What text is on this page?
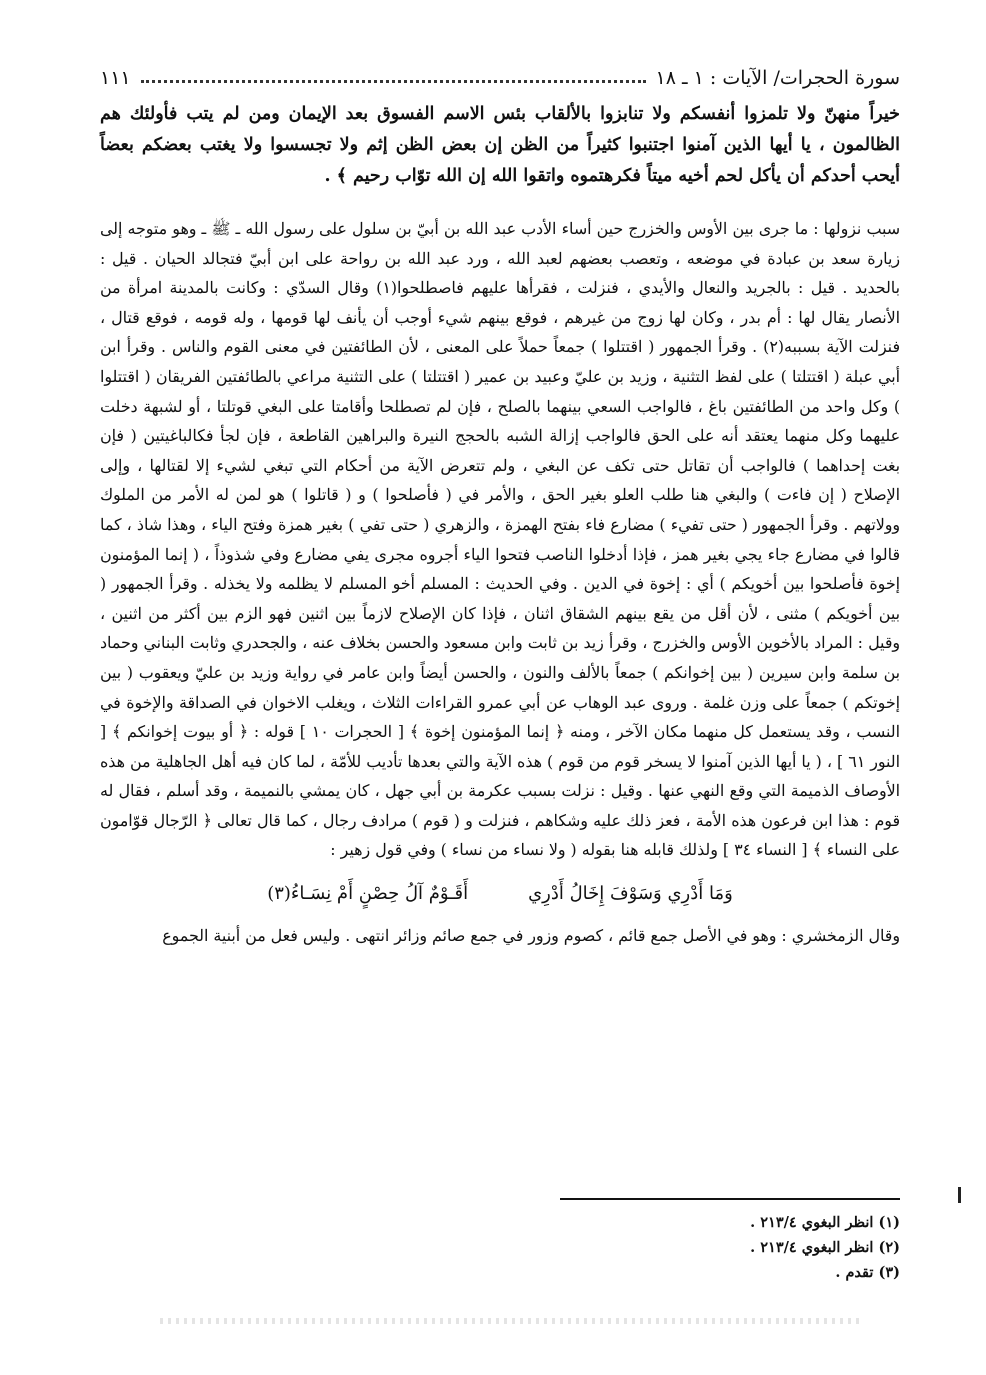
سورة الحجرات/ الآيات : ١ ـ ١٨
١١١
خيراً منهنّ ولا تلمزوا أنفسكم ولا تنابزوا بالألقاب بئس الاسم الفسوق بعد الإيمان ومن لم يتب فأولئك هم الظالمون ، يا أيها الذين آمنوا اجتنبوا كثيراً من الظن إن بعض الظن إثم ولا تجسسوا ولا يغتب بعضكم بعضاً أيحب أحدكم أن يأكل لحم أخيه ميتاً فكرهتموه واتقوا الله إن الله توّاب رحيم ﴾ .
سبب نزولها : ما جرى بين الأوس والخزرج حين أساء الأدب عبد الله بن أبيّ بن سلول على رسول الله ـ ﷺ ـ وهو متوجه إلى زيارة سعد بن عبادة في موضعه ، وتعصب بعضهم لعبد الله ، ورد عبد الله بن رواحة على ابن أبيّ فتجالد الحيان . قيل : بالحديد . قيل : بالجريد والنعال والأيدي ، فنزلت ، فقرأها عليهم فاصطلحوا(١) وقال السدّي : وكانت بالمدينة امرأة من الأنصار يقال لها : أم بدر ، وكان لها زوج من غيرهم ، فوقع بينهم شيء أوجب أن يأنف لها قومها ، وله قومه ، فوقع قتال ، فنزلت الآية بسببه(٢) . وقرأ الجمهور ( اقتتلوا ) جمعاً حملاً على المعنى ، لأن الطائفتين في معنى القوم والناس . وقرأ ابن أبي عبلة ( اقتتلتا ) على لفظ التثنية ، وزيد بن عليّ وعبيد بن عمير ( اقتتلتا ) على التثنية مراعي بالطائفتين الفريقان ( اقتتلوا ) وكل واحد من الطائفتين باغ ، فالواجب السعي بينهما بالصلح ، فإن لم تصطلحا وأقامتا على البغي قوتلتا ، أو لشبهة دخلت عليهما وكل منهما يعتقد أنه على الحق فالواجب إزالة الشبه بالحجج النيرة والبراهين القاطعة ، فإن لجأ فكالباغيتين ( فإن بغت إحداهما ) فالواجب أن تقاتل حتى تكف عن البغي ، ولم تتعرض الآية من أحكام التي تبغي لشيء إلا لقتالها ، وإلى الإصلاح ( إن فاءت ) والبغي هنا طلب العلو بغير الحق ، والأمر في ( فأصلحوا ) و ( قاتلوا ) هو لمن له الأمر من الملوك وولاتهم . وقرأ الجمهور ( حتى تفيء ) مضارع فاء بفتح الهمزة ، والزهري ( حتى تفي ) بغير همزة وفتح الياء ، وهذا شاذ ، كما قالوا في مضارع جاء يجي بغير همز ، فإذا أدخلوا الناصب فتحوا الياء أجروه مجرى يفي مضارع وفي شذوذاً ، ( إنما المؤمنون إخوة فأصلحوا بين أخويكم ) أي : إخوة في الدين . وفي الحديث : المسلم أخو المسلم لا يظلمه ولا يخذله . وقرأ الجمهور ( بين أخويكم ) مثنى ، لأن أقل من يقع بينهم الشقاق اثنان ، فإذا كان الإصلاح لازماً بين اثنين فهو الزم بين أكثر من اثنين ، وقيل : المراد بالأخوين الأوس والخزرج ، وقرأ زيد بن ثابت وابن مسعود والحسن بخلاف عنه ، والجحدري وثابت البناني وحماد بن سلمة وابن سيرين ( بين إخوانكم ) جمعاً بالألف والنون ، والحسن أيضاً وابن عامر في رواية وزيد بن عليّ ويعقوب ( بين إخوتكم ) جمعاً على وزن غلمة . وروى عبد الوهاب عن أبي عمرو القراءات الثلاث ، ويغلب الاخوان في الصداقة والإخوة في النسب ، وقد يستعمل كل منهما مكان الآخر ، ومنه ﴿ إنما المؤمنون إخوة ﴾ [ الحجرات ١٠ ] قوله : ﴿ أو بيوت إخوانكم ﴾ [ النور ٦١ ] ، ( يا أيها الذين آمنوا لا يسخر قوم من قوم ) هذه الآية والتي بعدها تأديب للأمّة ، لما كان فيه أهل الجاهلية من هذه الأوصاف الذميمة التي وقع النهي عنها . وقيل : نزلت بسبب عكرمة بن أبي جهل ، كان يمشي بالنميمة ، وقد أسلم ، فقال له قوم : هذا ابن فرعون هذه الأمة ، فعز ذلك عليه وشكاهم ، فنزلت و ( قوم ) مرادف رجال ، كما قال تعالى ﴿ الرّجال قوّامون على النساء ﴾ [ النساء ٣٤ ] ولذلك قابله هنا بقوله ( ولا نساء من نساء ) وفي قول زهير :
وَمَا أَدْرِي وَسَوْفَ إِخَالُ أَدْرِي
أَقَـوْمٌ آلُ حِصْنٍ أَمْ نِسَـاءُ(٣)
وقال الزمخشري : وهو في الأصل جمع قائم ، كصوم وزور في جمع صائم وزائر انتهى . وليس فعل من أبنية الجموع
(١) انظر البغوي ٢١٣/٤ .
(٢) انظر البغوي ٢١٣/٤ .
(٣) تقدم .
